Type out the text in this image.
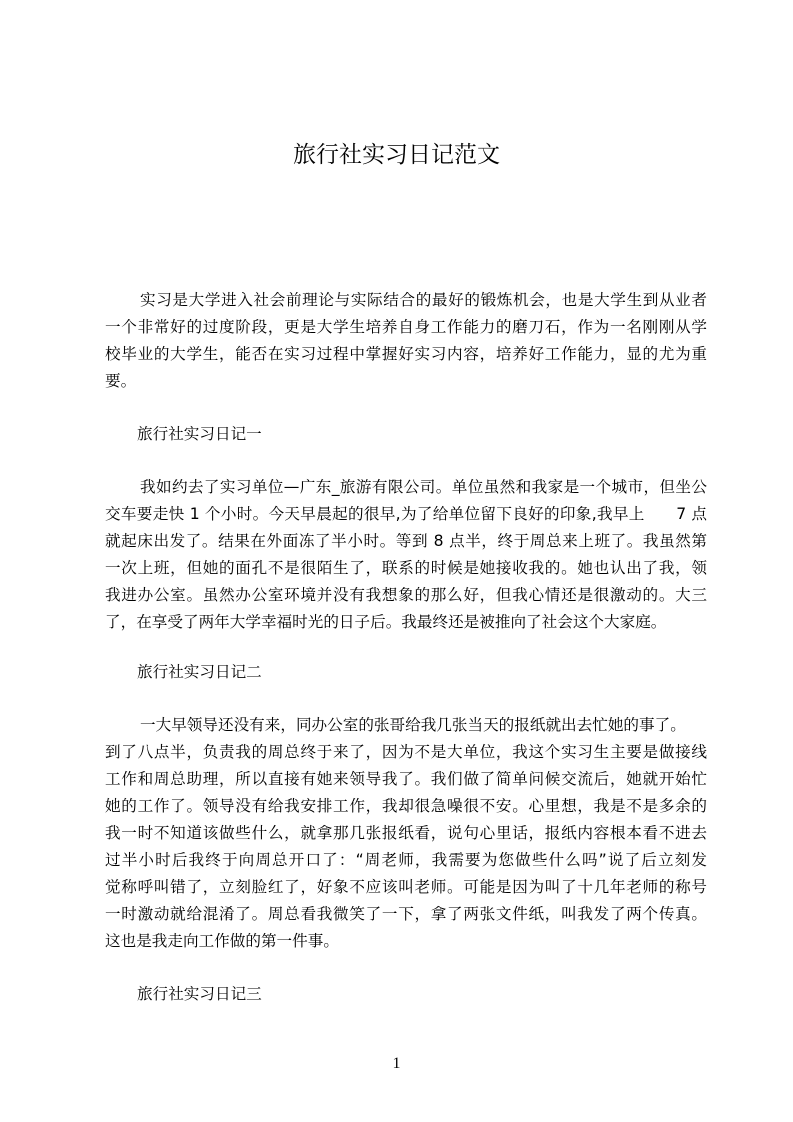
旅行社实习日记范文
实习是大学进入社会前理论与实际结合的最好的锻炼机会，也是大学生到从业者
一个非常好的过度阶段，更是大学生培养自身工作能力的磨刀石，作为一名刚刚从学
校毕业的大学生，能否在实习过程中掌握好实习内容，培养好工作能力，显的尤为重
要。
旅行社实习日记一
我如约去了实习单位—广东_旅游有限公司。单位虽然和我家是一个城市，但坐公
交车要走快 1 个小时。今天早晨起的很早,为了给单位留下良好的印象,我早上      7 点
就起床出发了。结果在外面冻了半小时。等到 8 点半，终于周总来上班了。我虽然第
一次上班，但她的面孔不是很陌生了，联系的时候是她接收我的。她也认出了我，领
我进办公室。虽然办公室环境并没有我想象的那么好，但我心情还是很激动的。大三
了，在享受了两年大学幸福时光的日子后。我最终还是被推向了社会这个大家庭。
旅行社实习日记二
一大早领导还没有来，同办公室的张哥给我几张当天的报纸就出去忙她的事了。
到了八点半，负责我的周总终于来了，因为不是大单位，我这个实习生主要是做接线
工作和周总助理，所以直接有她来领导我了。我们做了简单问候交流后，她就开始忙
她的工作了。领导没有给我安排工作，我却很急噪很不安。心里想，我是不是多余的
我一时不知道该做些什么，就拿那几张报纸看，说句心里话，报纸内容根本看不进去
过半小时后我终于向周总开口了：“周老师，我需要为您做些什么吗”说了后立刻发
觉称呼叫错了，立刻脸红了，好象不应该叫老师。可能是因为叫了十几年老师的称号
一时激动就给混淆了。周总看我微笑了一下，拿了两张文件纸，叫我发了两个传真。
这也是我走向工作做的第一件事。
旅行社实习日记三
1
